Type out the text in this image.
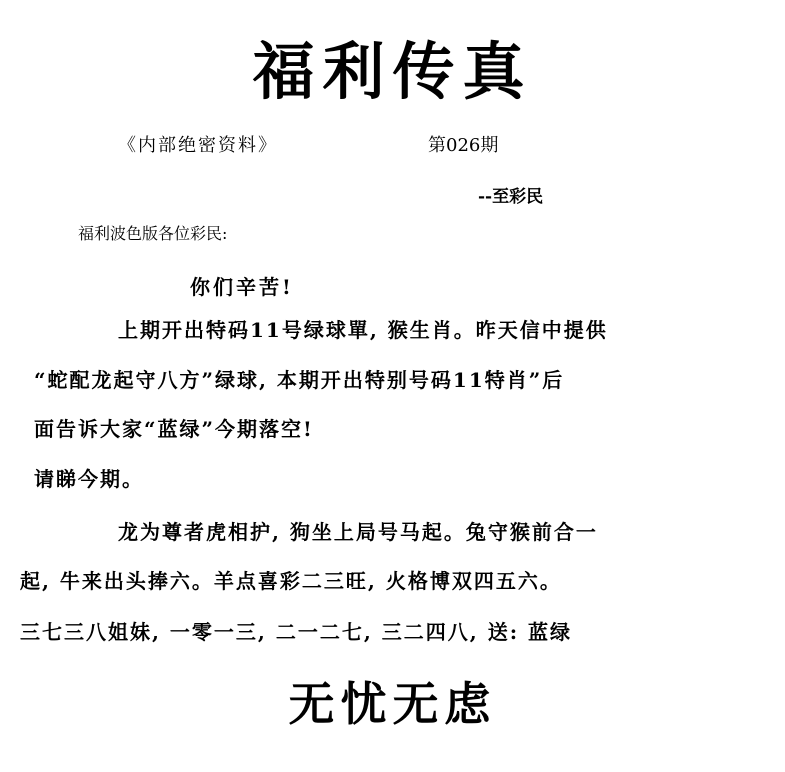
福利传真
《内部绝密资料》	第026期
--至彩民
福利波色版各位彩民:
你们辛苦!
上期开出特码11号绿球單, 猴生肖。昨天信中提供
“蛇配龙起守八方”绿球, 本期开出特别号码11特肖”后
面告诉大家“蓝绿”今期落空!
请睇今期。
龙为尊者虎相护, 狗坐上局号马起。兔守猴前合一
起, 牛来出头捧六。羊点喜彩二三旺, 火格博双四五六。
三七三八姐妹, 一零一三, 二一二七, 三二四八, 送: 蓝绿
无忧无虑
